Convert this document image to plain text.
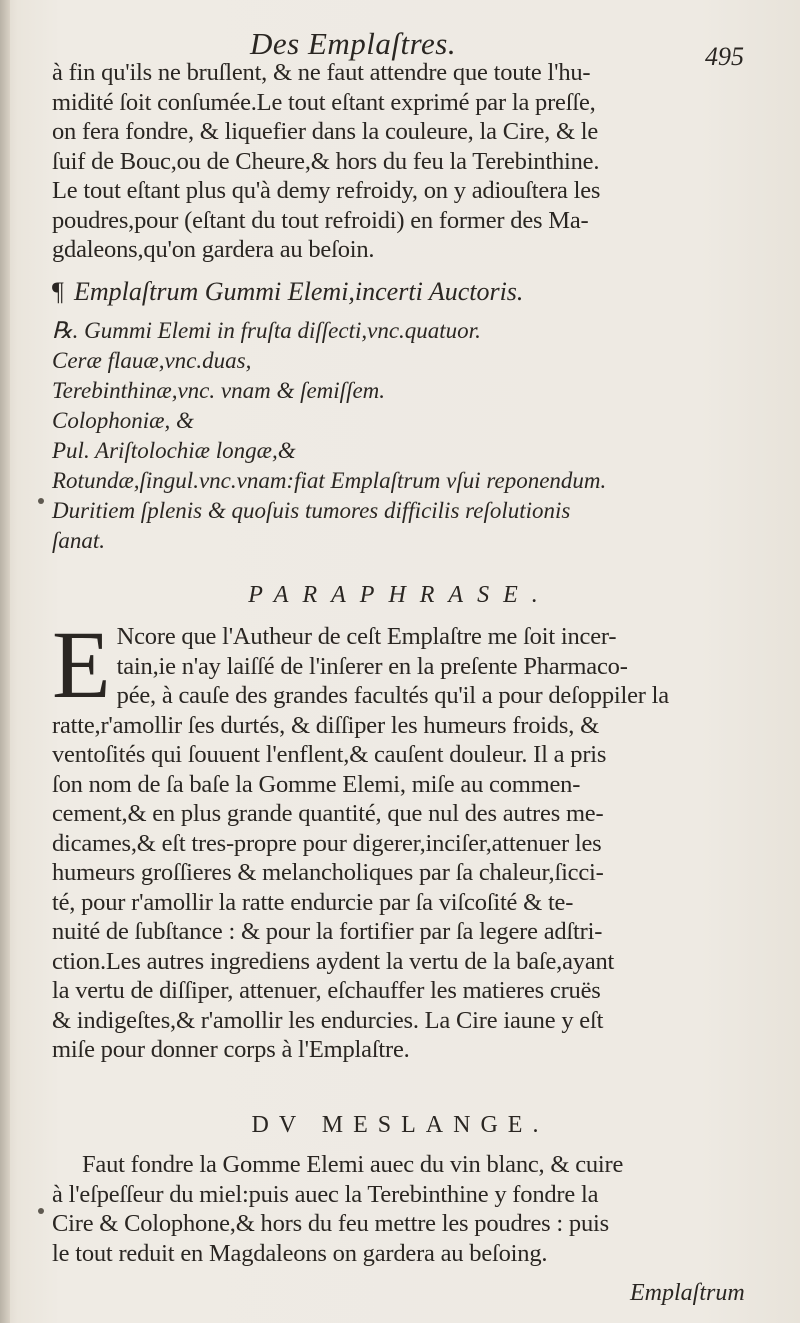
Des Emplaſtres.	495
à fin qu'ils ne bruſlent, & ne faut attendre que toute l'hu-
midité ſoit conſumée.Le tout eſtant exprimé par la preſſe,
on fera fondre, & liquefier dans la couleure, la Cire, & le
ſuif de Bouc,ou de Cheure,& hors du feu la Terebinthine.
Le tout eſtant plus qu'à demy refroidy, on y adiouſtera les
poudres,pour (eſtant du tout refroidi) en former des Ma-
gdaleons,qu'on gardera au beſoin.
¶ Emplaſtrum Gummi Elemi,incerti Auctoris.
℞. Gummi Elemi in fruſta diſſecti,vnc.quatuor.
Ceræ flauæ,vnc.duas,
Terebinthinæ,vnc. vnam & ſemiſſem.
Colophoniæ, &
Pul. Ariſtolochiæ longæ,&
Rotundæ,ſingul.vnc.vnam:fiat Emplaſtrum vſui reponendum.
Duritiem ſplenis & quoſuis tumores difficilis reſolutionis
ſanat.
PARAPHRASE.
E Ncore que l'Autheur de ceſt Emplaſtre me ſoit incer-
tain,ie n'ay laiſſé de l'inſerer en la preſente Pharmaco-
pée, à cauſe des grandes facultés qu'il a pour deſoppiler la
ratte,r'amollir ſes durtés, & diſſiper les humeurs froids, &
ventoſités qui ſouuent l'enflent,& cauſent douleur. Il a pris
ſon nom de ſa baſe la Gomme Elemi, miſe au commen-
cement,& en plus grande quantité, que nul des autres me-
dicames,& eſt tres-propre pour digerer,inciſer,attenuer les
humeurs groſſieres & melancholiques par ſa chaleur,ſicci-
té, pour r'amollir la ratte endurcie par ſa viſcoſité & te-
nuité de ſubſtance : & pour la fortifier par ſa legere adſtri-
ction.Les autres ingrediens aydent la vertu de la baſe,ayant
la vertu de diſſiper, attenuer, eſchauffer les matieres cruës
& indigeſtes,& r'amollir les endurcies. La Cire iaune y eſt
miſe pour donner corps à l'Emplaſtre.
DV MESLANGE.
Faut fondre la Gomme Elemi auec du vin blanc, & cuire
à l'eſpeſſeur du miel:puis auec la Terebinthine y fondre la
Cire & Colophone,& hors du feu mettre les poudres : puis
le tout reduit en Magdaleons on gardera au beſoing.
Emplaſtrum
